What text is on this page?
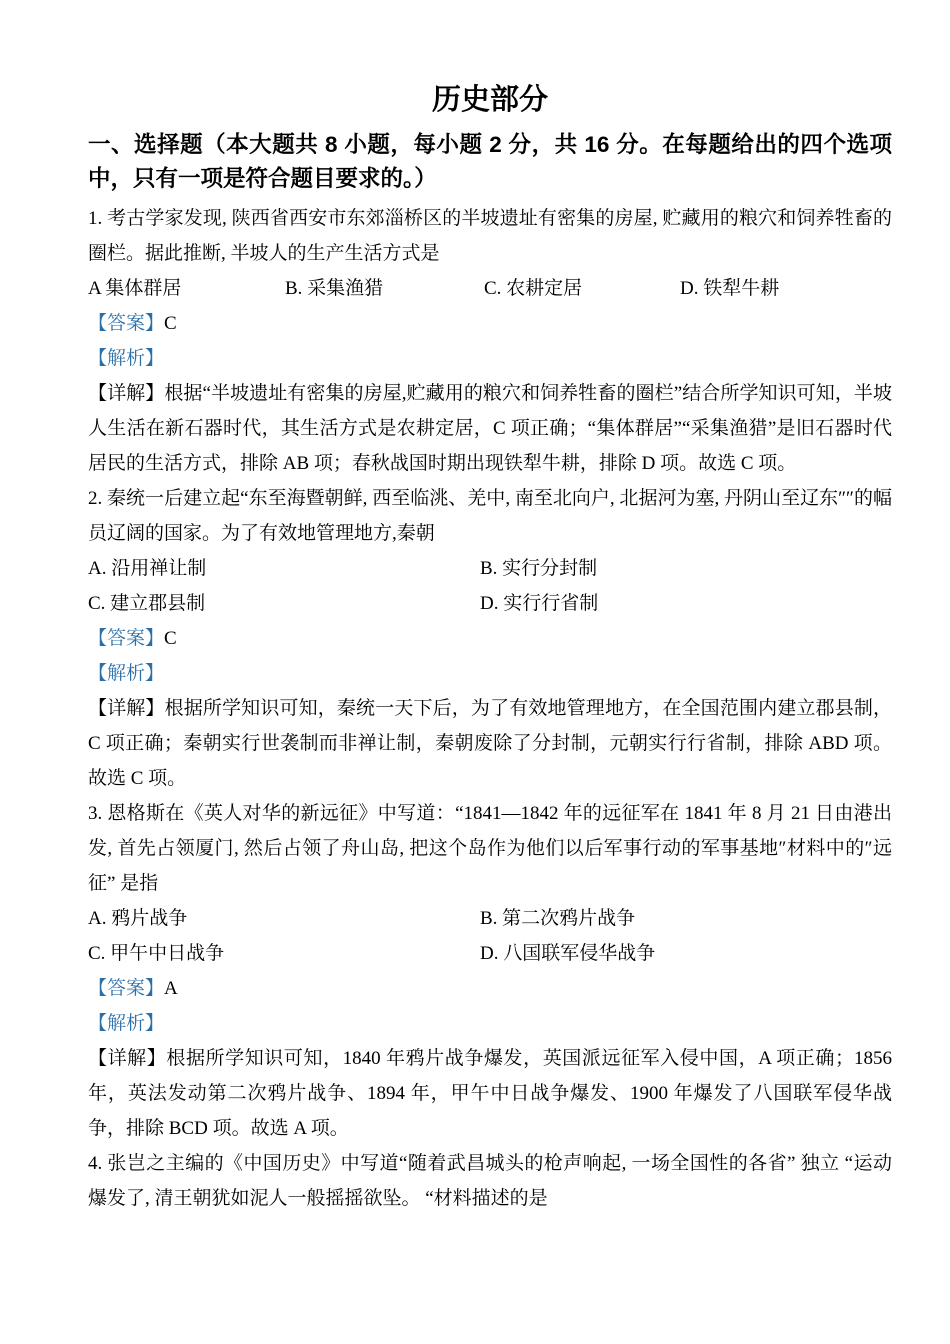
历史部分
一、选择题（本大题共 8 小题，每小题 2 分，共 16 分。在每题给出的四个选项中，只有一项是符合题目要求的。）

1. 考古学家发现, 陕西省西安市东郊淄桥区的半坡遗址有密集的房屋, 贮藏用的粮穴和饲养牲畜的圈栏。据此推断, 半坡人的生产生活方式是

A 集体群居	B. 采集渔猎	C. 农耕定居	D. 铁犁牛耕

【答案】C

【解析】

【详解】根据“半坡遗址有密集的房屋,贮藏用的粮穴和饲养牲畜的圈栏”结合所学知识可知，半坡人生活在新石器时代，其生活方式是农耕定居，C 项正确；“集体群居”“采集渔猎”是旧石器时代居民的生活方式，排除 AB 项；春秋战国时期出现铁犁牛耕，排除 D 项。故选 C 项。

2. 秦统一后建立起“东至海暨朝鲜, 西至临洮、羌中, 南至北向户, 北据河为塞, 丹阴山至辽东″″的幅员辽阔的国家。为了有效地管理地方,秦朝

A. 沿用禅让制	B. 实行分封制
C. 建立郡县制	D. 实行行省制

【答案】C

【解析】

【详解】根据所学知识可知，秦统一天下后，为了有效地管理地方，在全国范围内建立郡县制，C 项正确；秦朝实行世袭制而非禅让制，秦朝废除了分封制，元朝实行行省制，排除 ABD 项。故选 C 项。

3. 恩格斯在《英人对华的新远征》中写道：“1841—1842 年的远征军在 1841 年 8 月 21 日由港出发, 首先占领厦门, 然后占领了舟山岛, 把这个岛作为他们以后军事行动的军事基地″材料中的″远征” 是指

A. 鸦片战争	B. 第二次鸦片战争
C. 甲午中日战争	D. 八国联军侵华战争

【答案】A

【解析】

【详解】根据所学知识可知，1840 年鸦片战争爆发，英国派远征军入侵中国，A 项正确；1856 年，英法发动第二次鸦片战争、1894 年，甲午中日战争爆发、1900 年爆发了八国联军侵华战争，排除 BCD 项。故选 A 项。

4. 张岂之主编的《中国历史》中写道“随着武昌城头的枪声响起, 一场全国性的各省” 独立 “运动爆发了, 清王朝犹如泥人一般摇摇欲坠。 “材料描述的是
